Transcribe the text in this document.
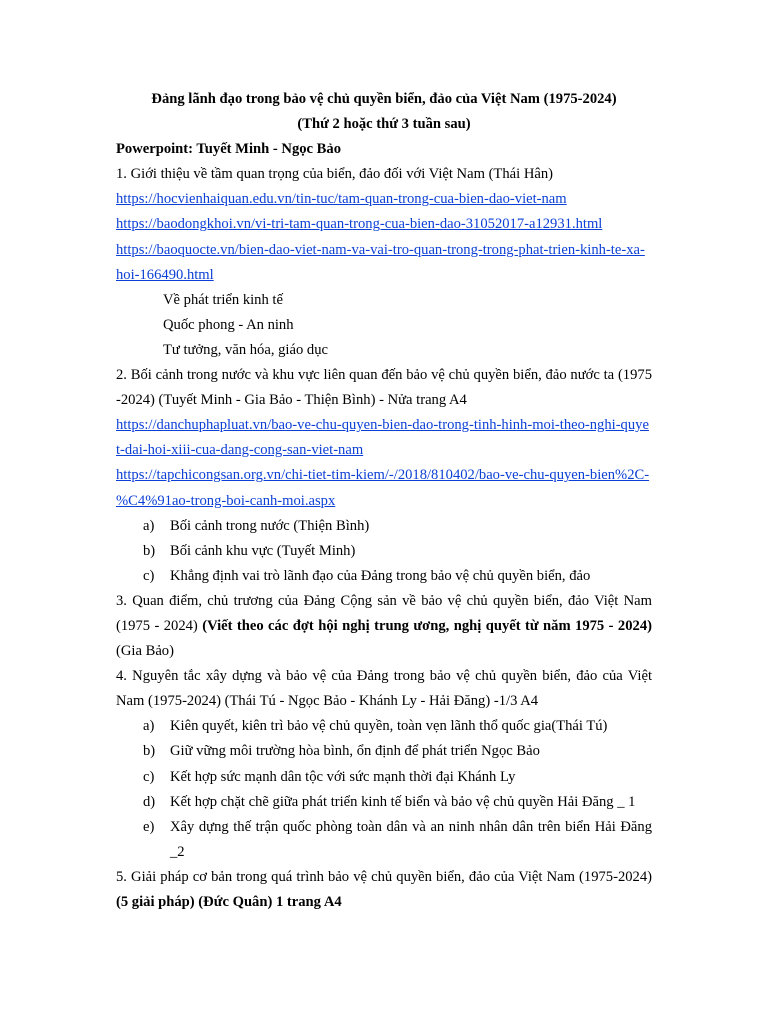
Đảng lãnh đạo trong bảo vệ chủ quyền biển, đảo của Việt Nam (1975-2024)

(Thứ 2 hoặc thứ 3 tuần sau)

Powerpoint: Tuyết Minh - Ngọc Bảo

1. Giới thiệu về tầm quan trọng của biển, đảo đối với Việt Nam (Thái Hân)

https://hocvienhaiquan.edu.vn/tin-tuc/tam-quan-trong-cua-bien-dao-viet-nam

https://baodongkhoi.vn/vi-tri-tam-quan-trong-cua-bien-dao-31052017-a12931.html

https://baoquocte.vn/bien-dao-viet-nam-va-vai-tro-quan-trong-trong-phat-trien-kinh-te-xa-hoi-166490.html

Về phát triển kinh tế

Quốc phong - An ninh

Tư tưởng, văn hóa, giáo dục

2. Bối cảnh trong nước và khu vực liên quan đến bảo vệ chủ quyền biển, đảo nước ta (1975 -2024) (Tuyết Minh - Gia Bảo - Thiện Bình) - Nửa trang A4

https://danchuphapluat.vn/bao-ve-chu-quyen-bien-dao-trong-tinh-hinh-moi-theo-nghi-quyet-dai-hoi-xiii-cua-dang-cong-san-viet-nam

https://tapchicongsan.org.vn/chi-tiet-tim-kiem/-/2018/810402/bao-ve-chu-quyen-bien%2C-%C4%91ao-trong-boi-canh-moi.aspx

a)	Bối cảnh trong nước (Thiện Bình)
b)	Bối cảnh khu vực (Tuyết Minh)
c)	Khẳng định vai trò lãnh đạo của Đảng trong bảo vệ chủ quyền biển, đảo

3. Quan điểm, chủ trương của Đảng Cộng sản về bảo vệ chủ quyền biển, đảo Việt Nam (1975 - 2024) (Viết theo các đợt hội nghị trung ương, nghị quyết từ năm 1975 - 2024) (Gia Bảo)

4. Nguyên tắc xây dựng và bảo vệ của Đảng trong bảo vệ chủ quyền biển, đảo của Việt Nam (1975-2024) (Thái Tú - Ngọc Bảo - Khánh Ly - Hải Đăng) -1/3 A4

a)	Kiên quyết, kiên trì bảo vệ chủ quyền, toàn vẹn lãnh thổ quốc gia(Thái Tú)
b)	Giữ vững môi trường hòa bình, ổn định để phát triển Ngọc Bảo
c)	Kết hợp sức mạnh dân tộc với sức mạnh thời đại Khánh Ly
d)	Kết hợp chặt chẽ giữa phát triển kinh tế biển và bảo vệ chủ quyền Hải Đăng _ 1
e)	Xây dựng thế trận quốc phòng toàn dân và an ninh nhân dân trên biển Hải Đăng _2

5. Giải pháp cơ bản trong quá trình bảo vệ chủ quyền biển, đảo của Việt Nam (1975-2024) (5 giải pháp) (Đức Quân) 1 trang A4
